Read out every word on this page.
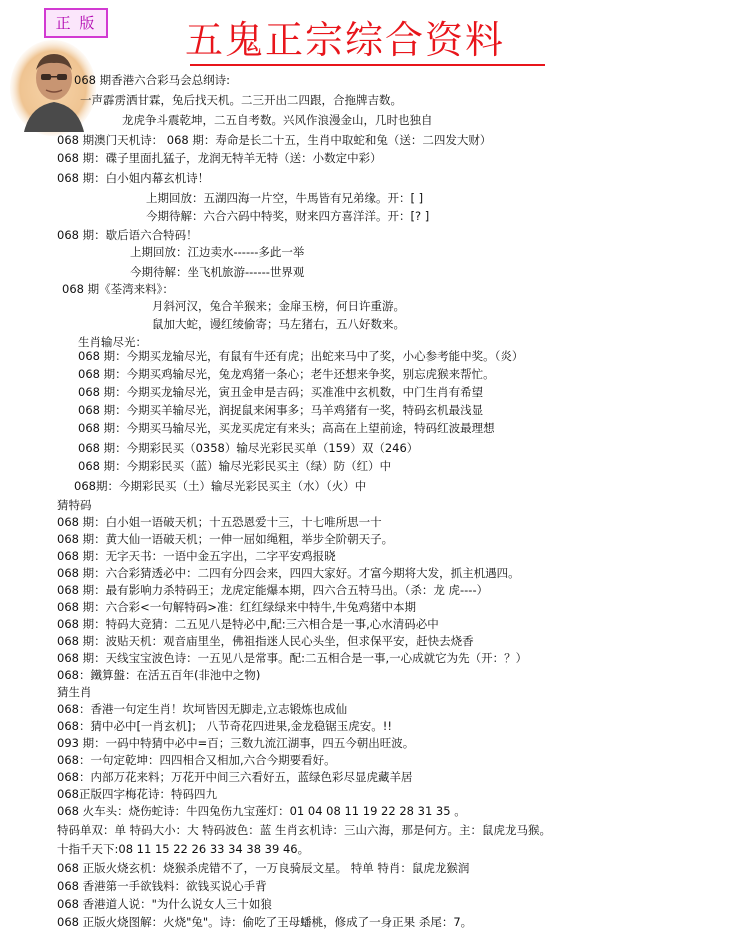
正 版	五鬼正宗综合资料
068 期香港六合彩马会总纲诗:
一声霹雳洒甘霖，兔后找天机。二三开出二四跟，合拖牌吉数。
龙虎争斗震乾坤，二五自考数。兴风作浪漫金山，几时也独自
068 期澳门天机诗： 068 期：寿命是长二十五，生肖中取蛇和兔（送：二四发大财）
068 期：碟子里面扎猛子，龙润无特羊无特（送：小数定中彩）
068 期：白小姐内幕玄机诗！
上期回放：五湖四海一片空，牛馬皆有兄弟缘。开：[ ]
今期待解：六合六码中特奖，财来四方喜洋洋。开：[? ]
068 期：歇后语六合特码！
上期回放：江边卖水------多此一举
今期待解：坐飞机旅游------世界观
068 期《荃湾来料》：
月斜河汉，兔合羊猴来；金扉玉榜，何日许重游。
鼠加大蛇，谩红绫偷寄；马左猪右，五八好数来。
生肖输尽光：
068 期：今期买龙输尽光，有鼠有牛还有虎；出蛇来马中了奖，小心参考能中奖。（炎）
068 期：今期买鸡输尽光，兔龙鸡猪一条心；老牛还想来争奖，别忘虎猴来帮忙。
068 期：今期买龙输尽光，寅丑金申是吉码；买准准中玄机数，中门生肖有希望
068 期：今期买羊输尽光，润捉鼠来闲事多；马羊鸡猪有一奖，特码玄机最浅显
068 期：今期买马输尽光，买龙买虎定有来头；高高在上望前途，特码红波最理想
068 期：今期彩民买（0358）输尽光彩民买单（159）双（246）
068 期：今期彩民买（蓝）输尽光彩民买主（绿）防（红）中
068期：今期彩民买（土）输尽光彩民买主（水）（火）中
猜特码
068 期：白小姐一语破天机；十五恐恩爱十三，十七唯所思一十
068 期：黄大仙一语破天机；一伸一屈如绳粗，举步全阶朝天子。
068 期：无字天书：一语中金五字出，二字平安鸡报晓
068 期：六合彩猜透必中：二四有分四会来，四四大家好。才富今期将大发，抓主机遇四。
068 期：最有影响力杀特码王；龙虎定能爆本期，四六合五特马出。（杀：龙 虎----）
068 期：六合彩<一句解特码>准：红红绿绿来中特牛,牛兔鸡猪中本期
068 期：特码大竞猜：二五见八是特必中,配:三六相合是一事,心水清码必中
068 期：波贴天机：观音庙里坐，佛祖指迷人民心头坐，但求保平安，赶快去烧香
068 期：天线宝宝波色诗：一五见八是常事。配:二五相合是一事,一心成就它为先（开：？）
068：鐵算盤：在活五百年(非池中之物)
猜生肖
068：香港一句定生肖！坎坷皆因无脚走,立志锻炼也成仙
068：猜中必中[一肖玄机]； 八节奇花四进果,金龙稳锯玉虎安。!!
093 期：一码中特猜中必中=百；三数九流江湖事，四五今朝出旺波。
068：一句定乾坤：四四相合又相加,六合今期要看好。
068：内部万花来料；万花开中间三六看好五，蓝绿色彩尽显虎藏羊居
068正版四字梅花诗：特码四九
068 火车头：烧伤蛇诗：牛四兔伤九宝莲灯：01 04 08 11 19 22 28 31 35 。
特码单双：单 特码大小：大 特码波色：蓝 生肖玄机诗：三山六海，那是何方。主：鼠虎龙马猴。
十指千天下:08 11 15 22 26 33 34 38 39 46。
068 正版火烧玄机：烧猴杀虎错不了，一万良骑辰文星。 特单 特肖：鼠虎龙猴润
068 香港第一手欲钱料：欲钱买说心手背
068 香港道人说："为什么说女人三十如狼
068 正版火烧图解：火烧"兔"。诗：偷吃了王母蟠桃，修成了一身正果 杀尾：7。
